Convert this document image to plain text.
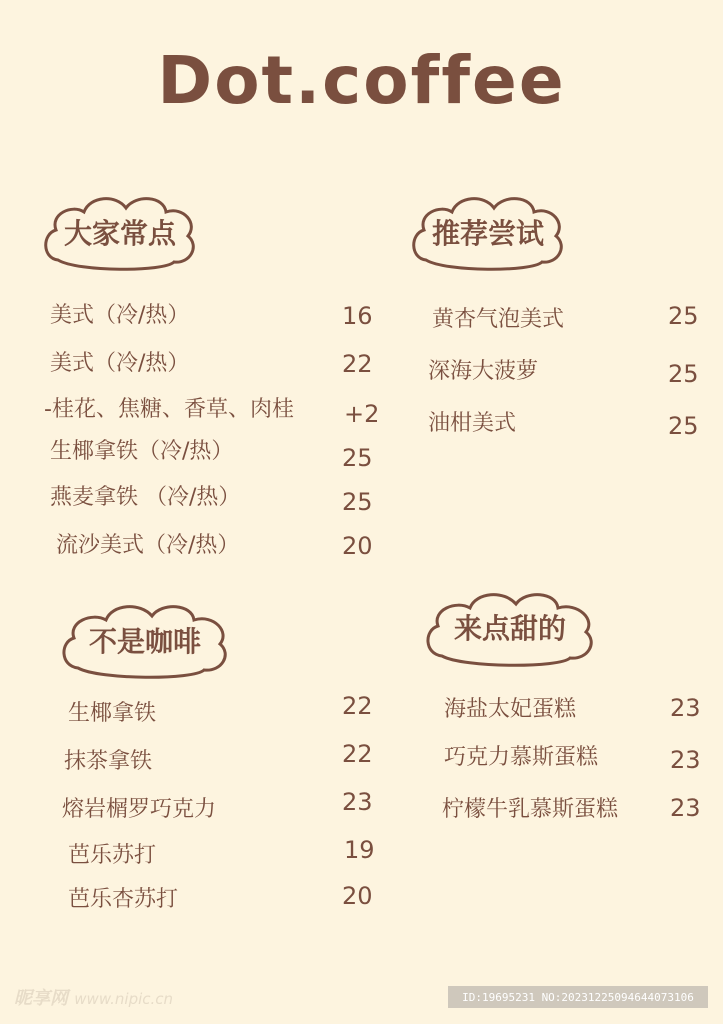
Dot.coffee
大家常点
美式（冷/热）	16
美式（冷/热）	22
-桂花、焦糖、香草、肉桂 +2
生椰拿铁（冷/热）	25
燕麦拿铁 （冷/热）	25
流沙美式（冷/热）	20
推荐尝试
黄杏气泡美式	25
深海大菠萝	25
油柑美式	25
不是咖啡
生椰拿铁	22
抹茶拿铁	22
熔岩榍罗巧克力	23
芭乐苏打	19
芭乐杏苏打	20
来点甜的
海盐太妃蛋糕	23
巧克力慕斯蛋糕	23
柠檬牛乳慕斯蛋糕 23
昵享网 www.nipic.cn	ID:19695231 NO:20231225094644073106
